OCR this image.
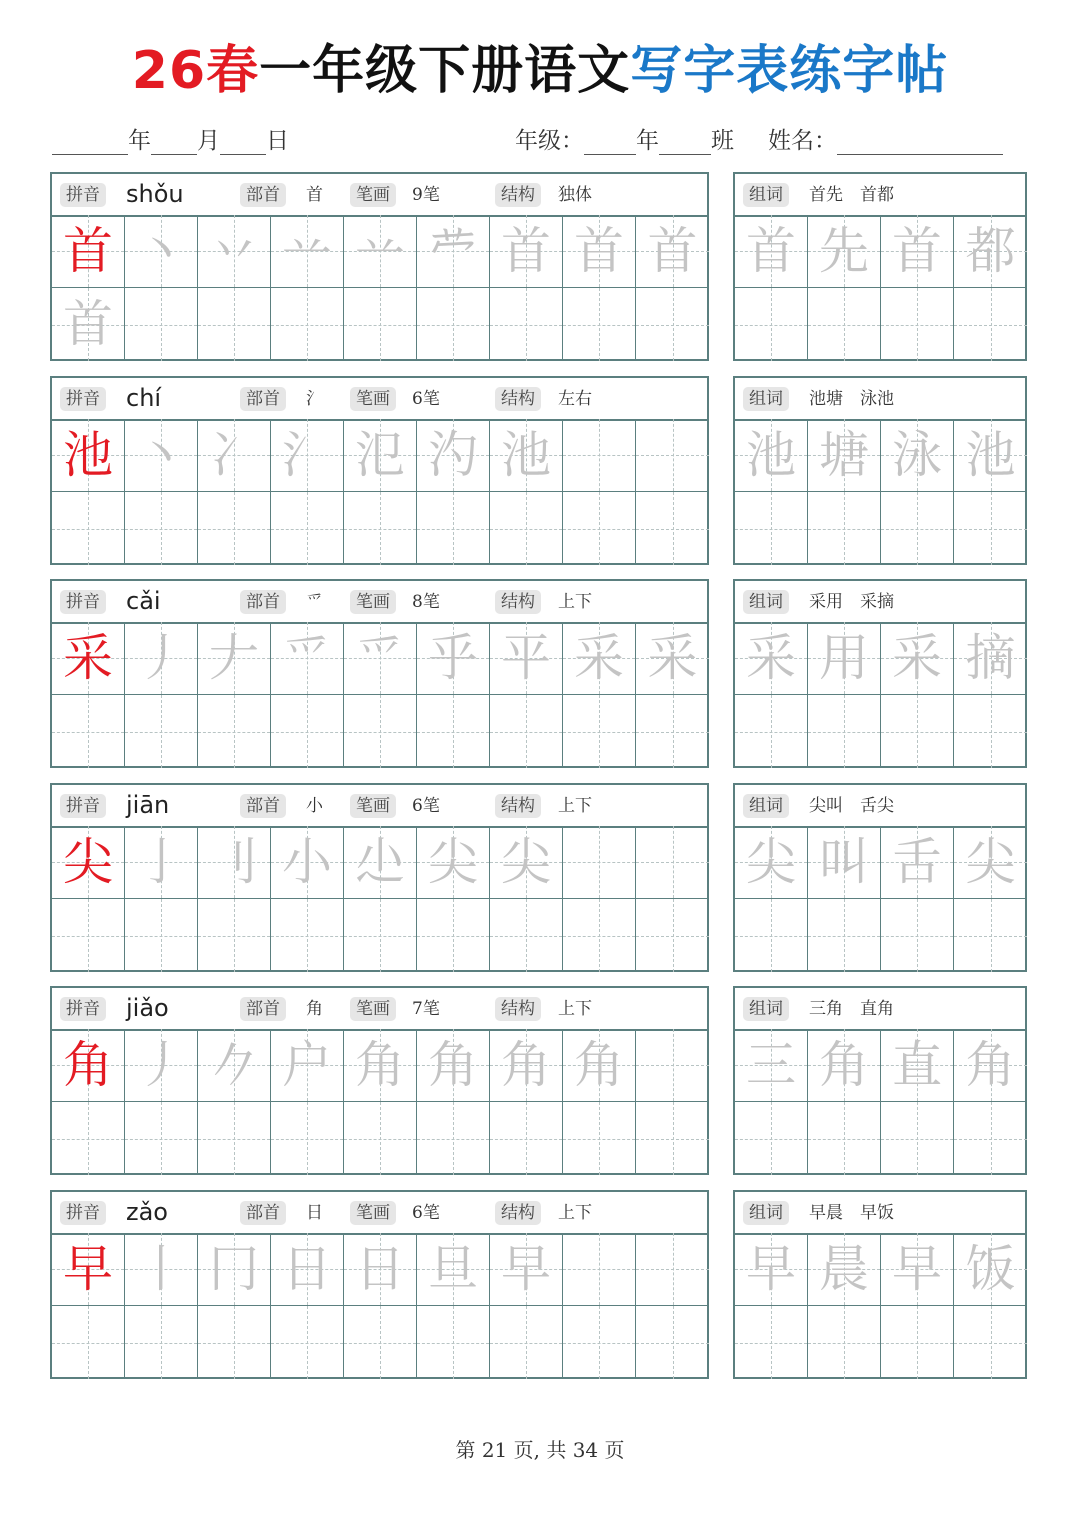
26春一年级下册语文写字表练字帖
年 月 日	年级： 年 班 姓名：
拼音	部首	首	笔画	9笔	结构	独体
shǒu
首 丶 丷 䒑 䒑 𫇦 首 首 首
首
组词	首先　首都
首 先 首 都
拼音	部首	氵	笔画	6笔	结构	左右
chí
池 丶 冫 氵 氾 汋 池
组词	池塘　泳池
池 塘 泳 池
拼音	部首	爫	笔画	8笔	结构	上下
cǎi
采 丿 𠂇 爫 爫 乎 平 采 采
组词	采用　采摘
采 用 采 摘
拼音	部首	小	笔画	6笔	结构	上下
jiān
尖 亅 刂 小 尐 尖 尖
组词	尖叫　舌尖
尖 叫 舌 尖
拼音	部首	角	笔画	7笔	结构	上下
jiǎo
角 丿 𠂊 户 角 角 角 角
组词	三角　直角
三 角 直 角
拼音	部首	日	笔画	6笔	结构	上下
zǎo
早 丨 冂 日 日 旦 早
组词	早晨　早饭
早 晨 早 饭
第 21 页, 共 34 页
